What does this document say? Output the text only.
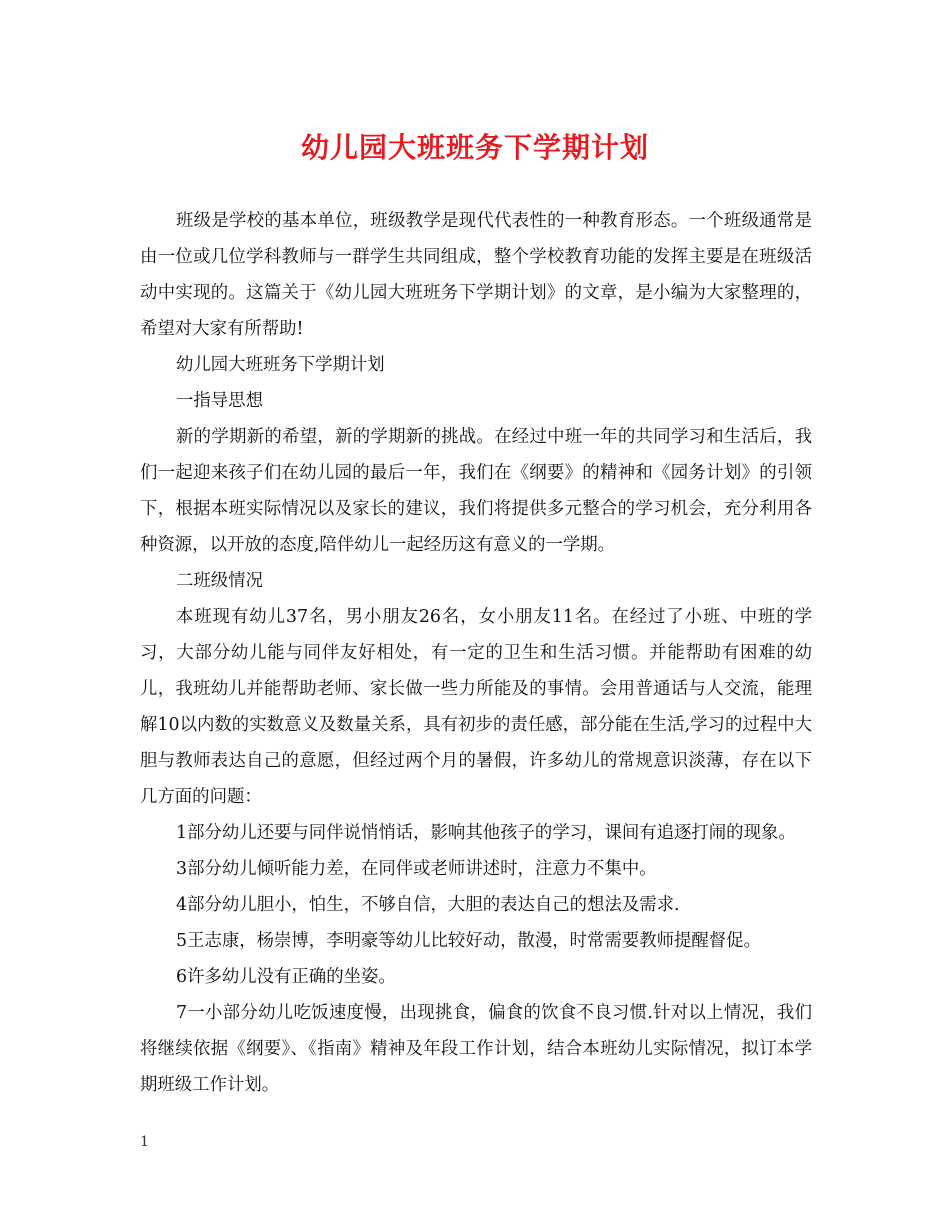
幼儿园大班班务下学期计划

班级是学校的基本单位，班级教学是现代代表性的一种教育形态。一个班级通常是由一位或几位学科教师与一群学生共同组成，整个学校教育功能的发挥主要是在班级活动中实现的。这篇关于《幼儿园大班班务下学期计划》的文章，是小编为大家整理的，希望对大家有所帮助!

幼儿园大班班务下学期计划

一指导思想

新的学期新的希望，新的学期新的挑战。在经过中班一年的共同学习和生活后，我们一起迎来孩子们在幼儿园的最后一年，我们在《纲要》的精神和《园务计划》的引领下，根据本班实际情况以及家长的建议，我们将提供多元整合的学习机会，充分利用各种资源，以开放的态度,陪伴幼儿一起经历这有意义的一学期。

二班级情况

本班现有幼儿37名，男小朋友26名，女小朋友11名。在经过了小班、中班的学习，大部分幼儿能与同伴友好相处，有一定的卫生和生活习惯。并能帮助有困难的幼儿，我班幼儿并能帮助老师、家长做一些力所能及的事情。会用普通话与人交流，能理解10以内数的实数意义及数量关系，具有初步的责任感，部分能在生活,学习的过程中大胆与教师表达自己的意愿，但经过两个月的暑假，许多幼儿的常规意识淡薄，存在以下几方面的问题：

1部分幼儿还要与同伴说悄悄话，影响其他孩子的学习，课间有追逐打闹的现象。

3部分幼儿倾听能力差，在同伴或老师讲述时，注意力不集中。

4部分幼儿胆小，怕生，不够自信，大胆的表达自己的想法及需求.

5王志康，杨崇博，李明豪等幼儿比较好动，散漫，时常需要教师提醒督促。

6许多幼儿没有正确的坐姿。

7一小部分幼儿吃饭速度慢，出现挑食，偏食的饮食不良习惯.针对以上情况，我们将继续依据《纲要》、《指南》精神及年段工作计划，结合本班幼儿实际情况，拟订本学期班级工作计划。

1
